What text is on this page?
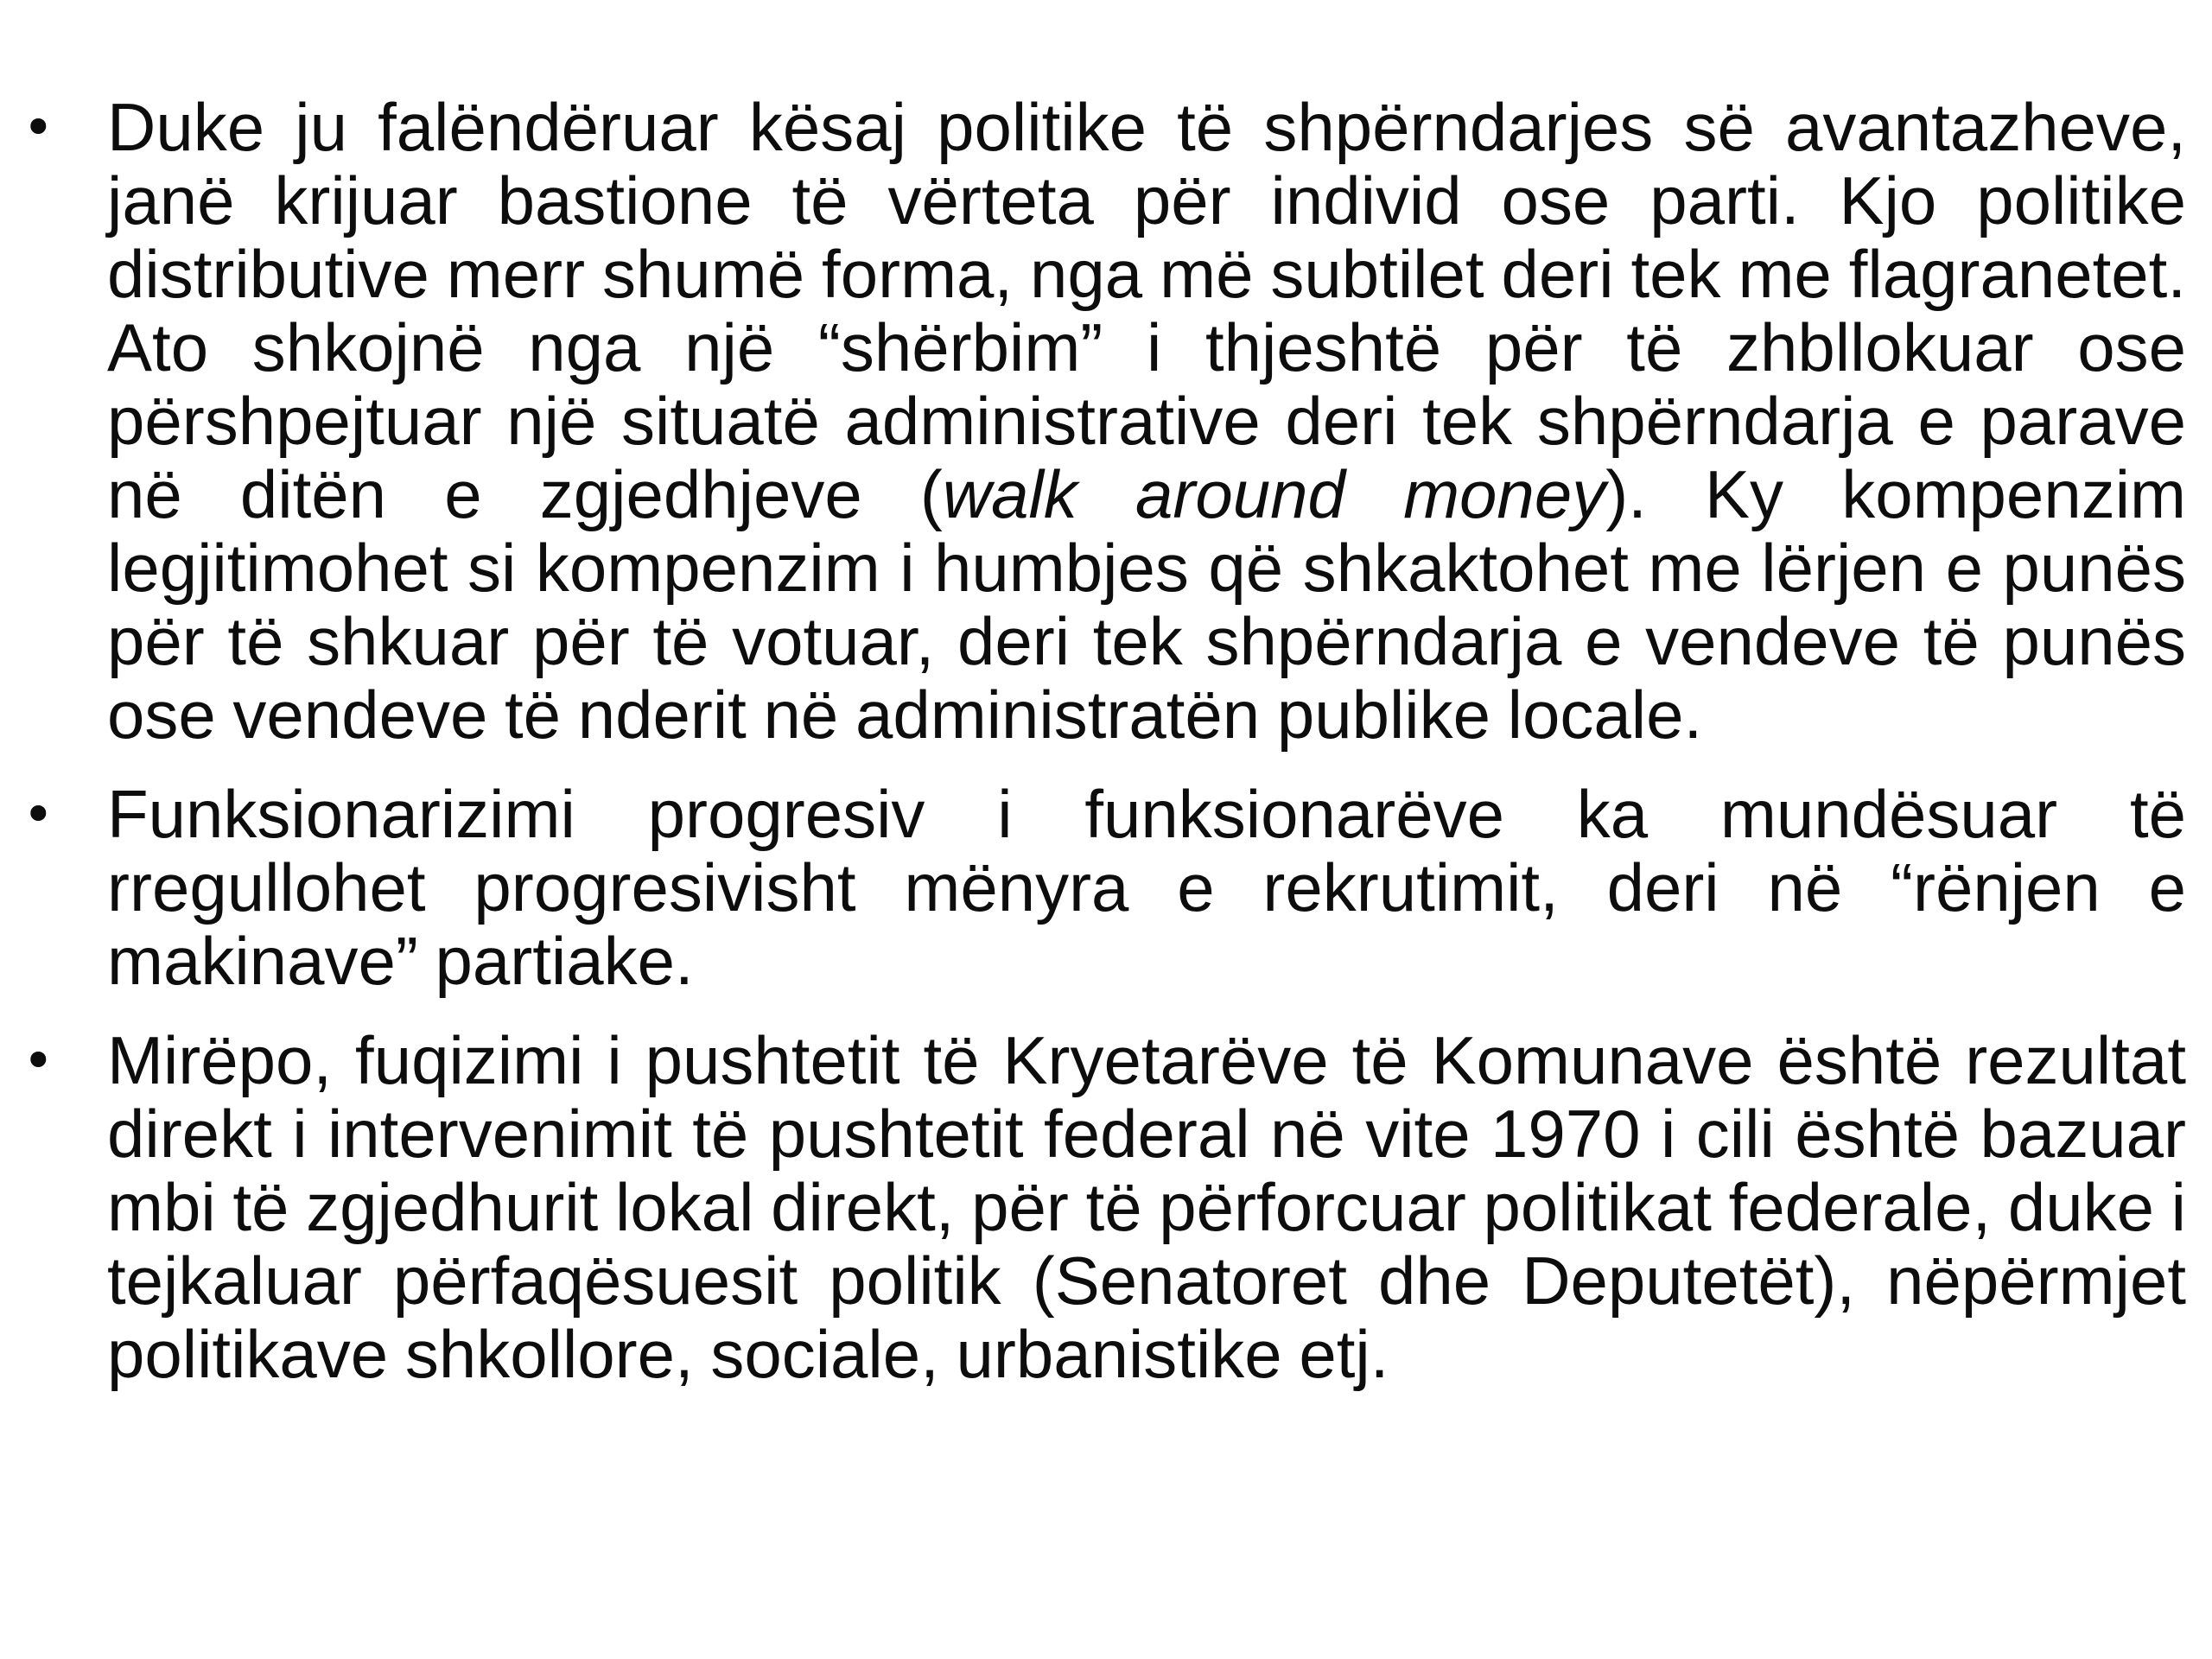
• Duke ju falëndëruar kësaj politike të shpërndarjes së avantazheve, janë krijuar bastione të vërteta për individ ose parti. Kjo politike distributive merr shumë forma, nga më subtilet deri tek me flagranetet. Ato shkojnë nga një “shërbim” i thjeshtë për të zhbllokuar ose përshpejtuar një situatë administrative deri tek shpërndarja e parave në ditën e zgjedhjeve (walk around money). Ky kompenzim legjitimohet si kompenzim i humbjes që shkaktohet me lërjen e punës për të shkuar për të votuar, deri tek shpërndarja e vendeve të punës ose vendeve të nderit në administratën publike locale.
• Funksionarizimi progresiv i funksionarëve ka mundësuar të rregullohet progresivisht mënyra e rekrutimit, deri në “rënjen e makinave” partiake.
• Mirëpo, fuqizimi i pushtetit të Kryetarëve të Komunave është rezultat direkt i intervenimit të pushtetit federal në vite 1970 i cili është bazuar mbi të zgjedhurit lokal direkt, për të përforcuar politikat federale, duke i tejkaluar përfaqësuesit politik (Senatoret dhe Deputetët), nëpërmjet politikave shkollore, sociale, urbanistike etj.
